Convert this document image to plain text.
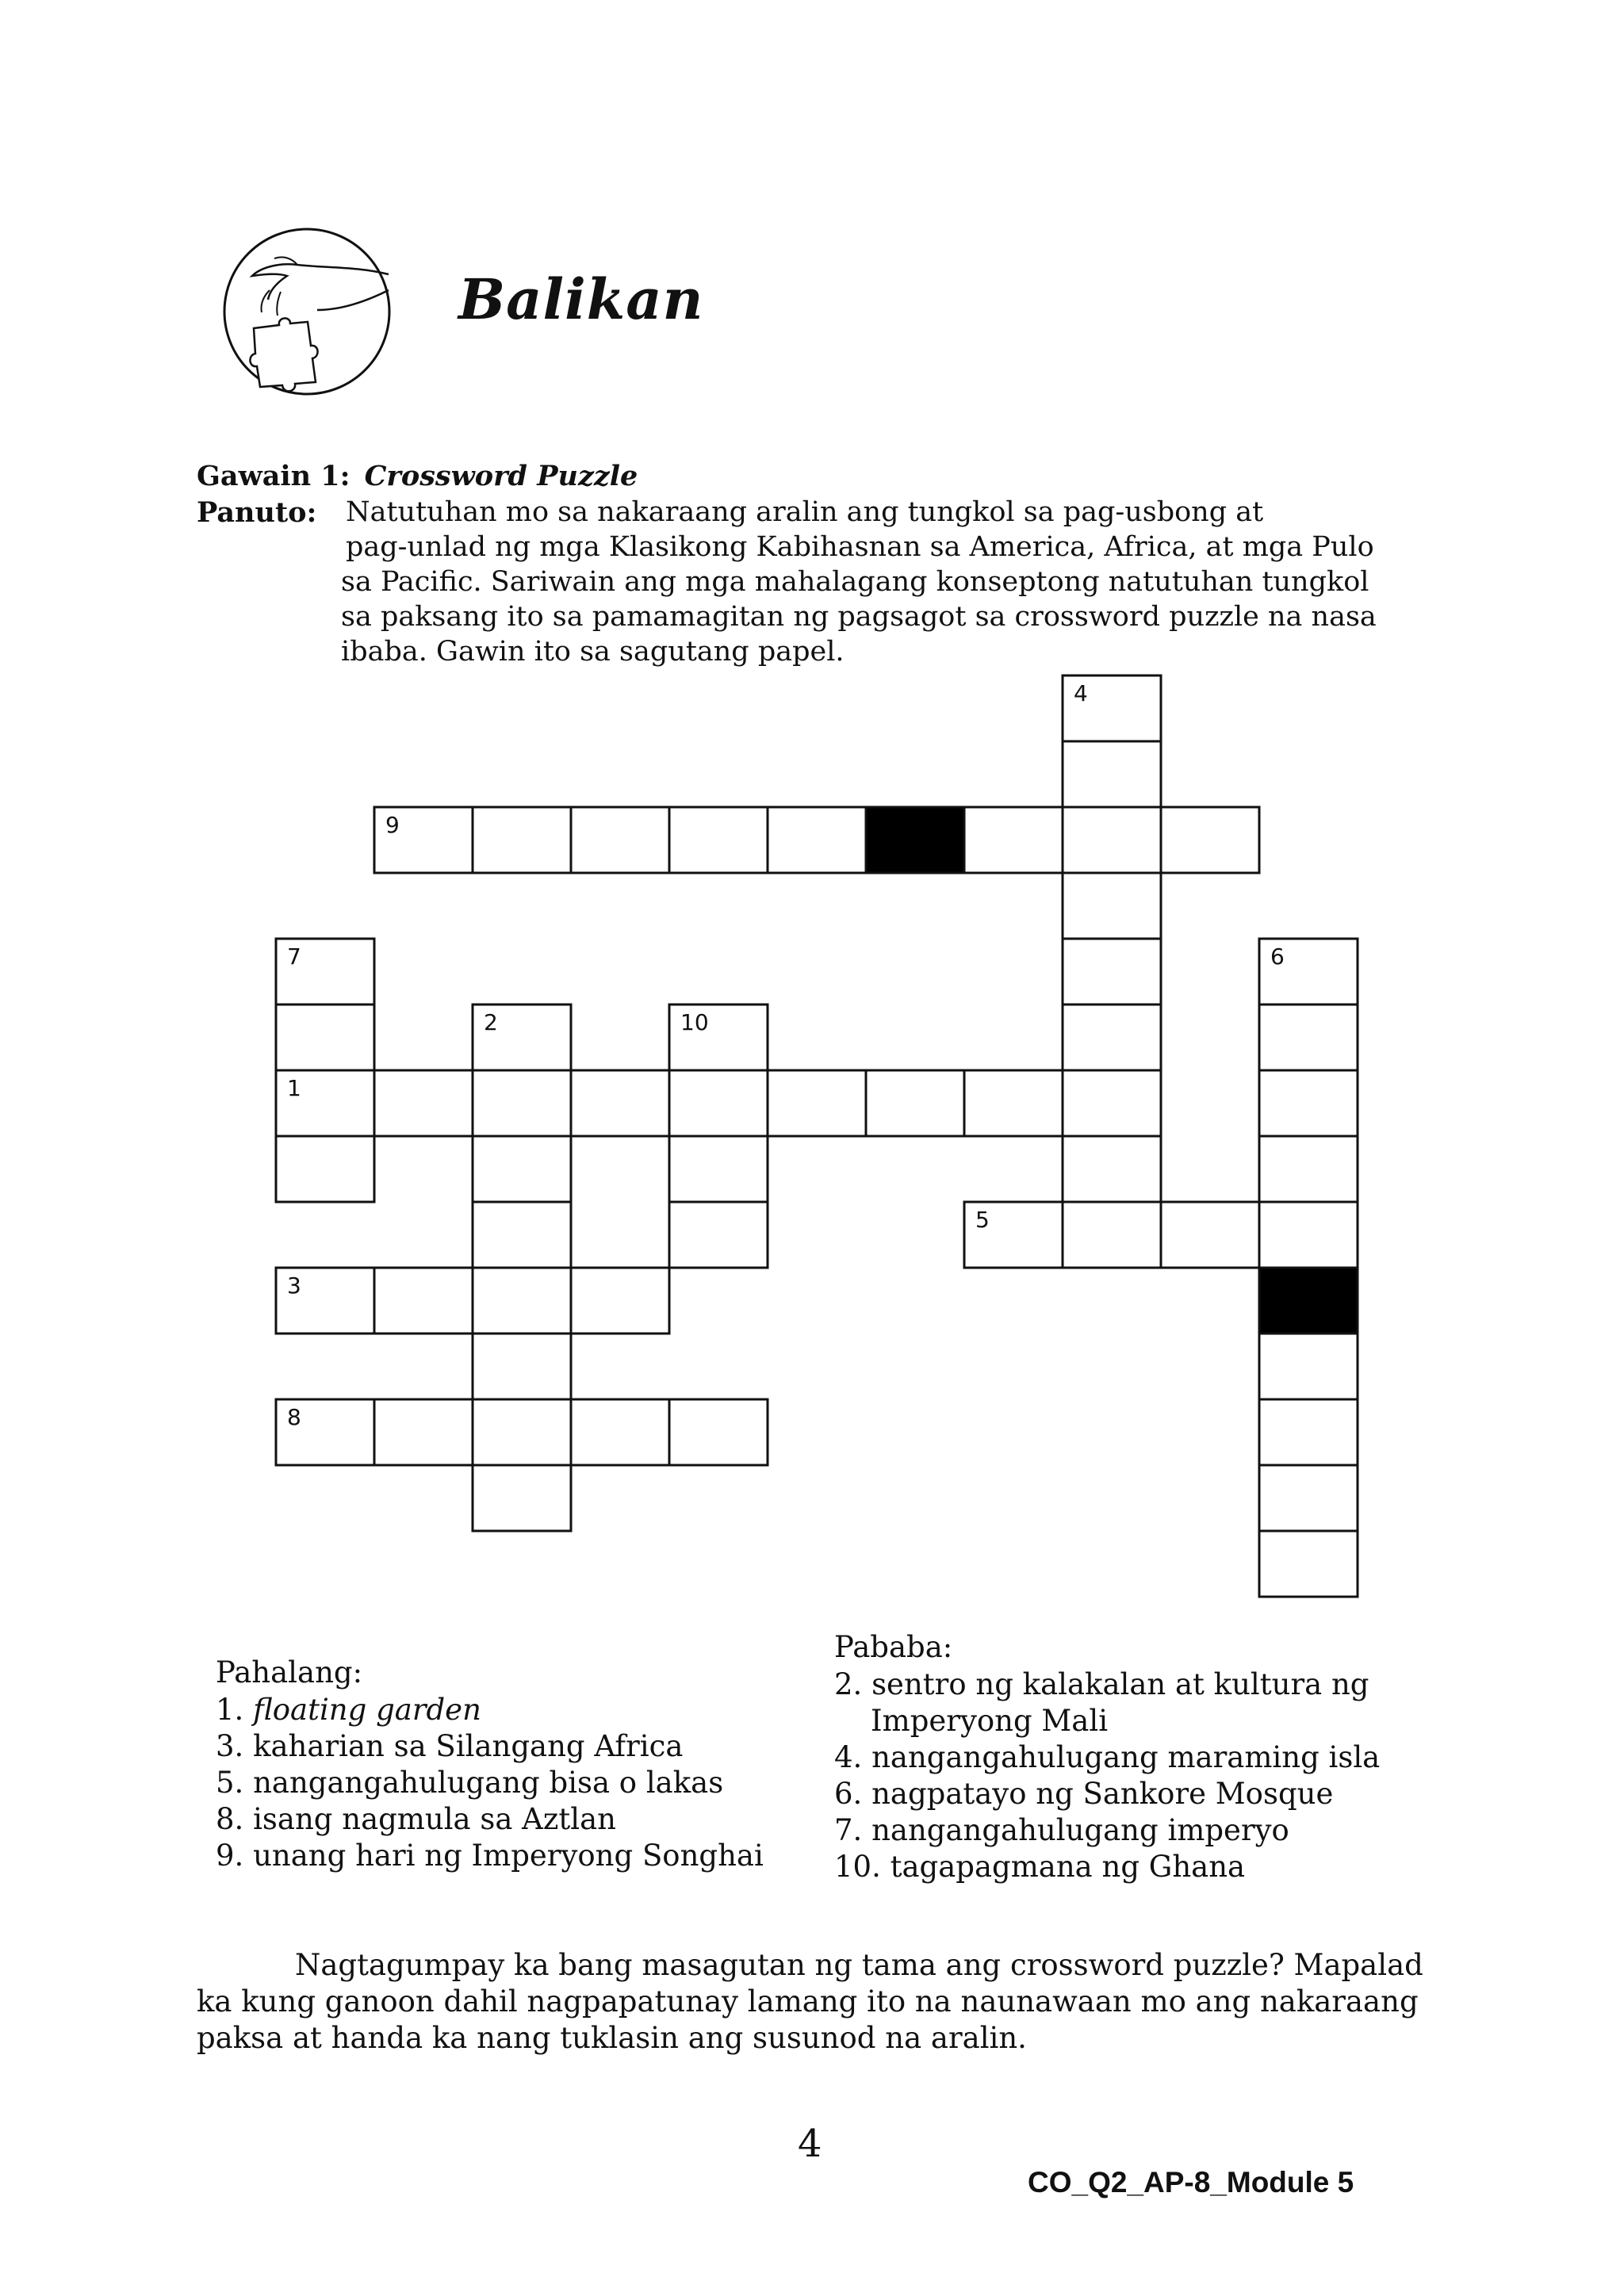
Balikan
Gawain 1: Crossword Puzzle
Panuto: Natutuhan mo sa nakaraang aralin ang tungkol sa pag-usbong at
pag-unlad ng mga Klasikong Kabihasnan sa America, Africa, at mga Pulo
sa Pacific. Sariwain ang mga mahalagang konseptong natutuhan tungkol
sa paksang ito sa pamamagitan ng pagsagot sa crossword puzzle na nasa
ibaba. Gawin ito sa sagutang papel.
4
9
7	6
2	10
1
5
3
8
Pahalang:
1. floating garden
3. kaharian sa Silangang Africa
5. nangangahulugang bisa o lakas
8. isang nagmula sa Aztlan
9. unang hari ng Imperyong Songhai
Pababa:
2. sentro ng kalakalan at kultura ng
Imperyong Mali
4. nangangahulugang maraming isla
6. nagpatayo ng Sankore Mosque
7. nangangahulugang imperyo
10. tagapagmana ng Ghana
Nagtagumpay ka bang masagutan ng tama ang crossword puzzle? Mapalad
ka kung ganoon dahil nagpapatunay lamang ito na naunawaan mo ang nakaraang
paksa at handa ka nang tuklasin ang susunod na aralin.
4
CO_Q2_AP-8_Module 5
